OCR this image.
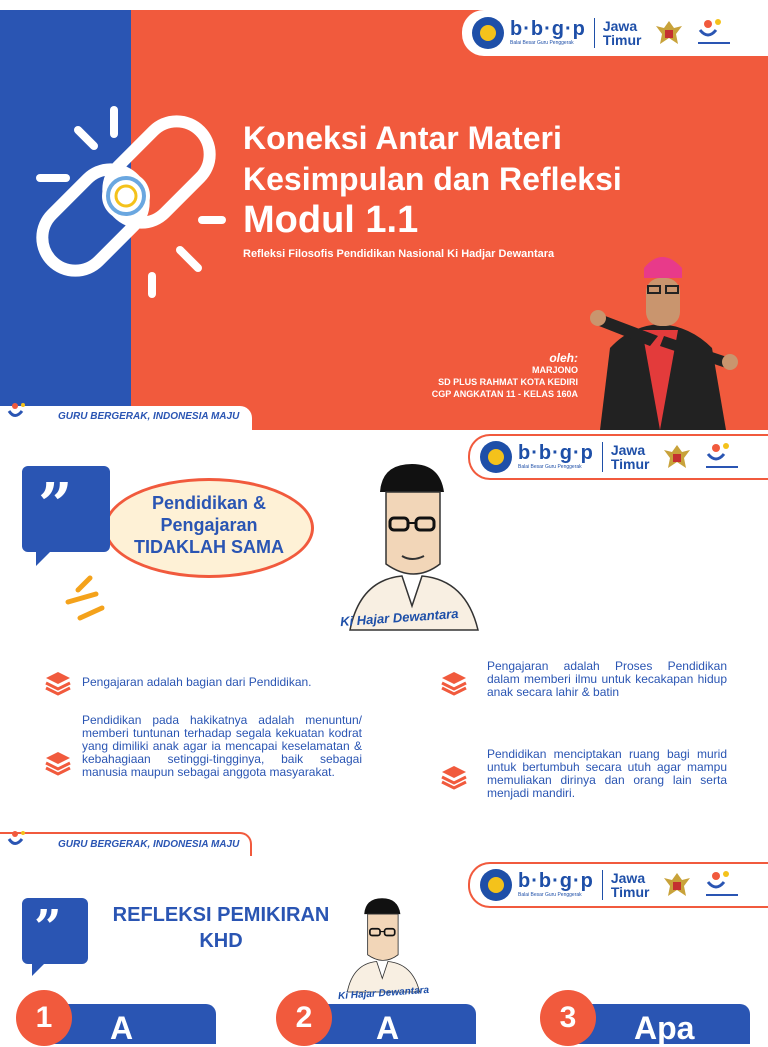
Koneksi Antar Materi
Kesimpulan dan Refleksi
Modul 1.1
Refleksi Filosofis Pendidikan Nasional Ki Hadjar Dewantara
oleh:
MARJONO
SD PLUS RAHMAT KOTA KEDIRI
CGP ANGKATAN 11 - KELAS 160A
b·b·g·p
Balai Besar Guru Penggerak
Jawa
Timur
GURU BERGERAK, INDONESIA MAJU
b·b·g·p
Balai Besar Guru Penggerak
Jawa
Timur
”	Pendidikan &
Pengajaran
TIDAKLAH SAMA
Ki Hajar Dewantara
Pengajaran adalah bagian dari Pendidikan.
Pendidikan pada hakikatnya adalah menuntun/ memberi tuntunan terhadap segala kekuatan kodrat yang dimiliki anak agar ia mencapai keselamatan & kebahagiaan setinggi-tingginya, baik sebagai manusia maupun sebagai anggota masyarakat.
Pengajaran adalah Proses Pendidikan dalam memberi ilmu untuk kecakapan hidup anak secara lahir & batin
Pendidikan menciptakan ruang bagi murid untuk bertumbuh secara utuh agar mampu memuliakan dirinya dan orang lain serta menjadi mandiri.
GURU BERGERAK, INDONESIA MAJU
b·b·g·p
Balai Besar Guru Penggerak
Jawa
Timur
”	REFLEKSI PEMIKIRAN
KHD
Ki Hajar Dewantara
1	A	2	A	3	Apa
